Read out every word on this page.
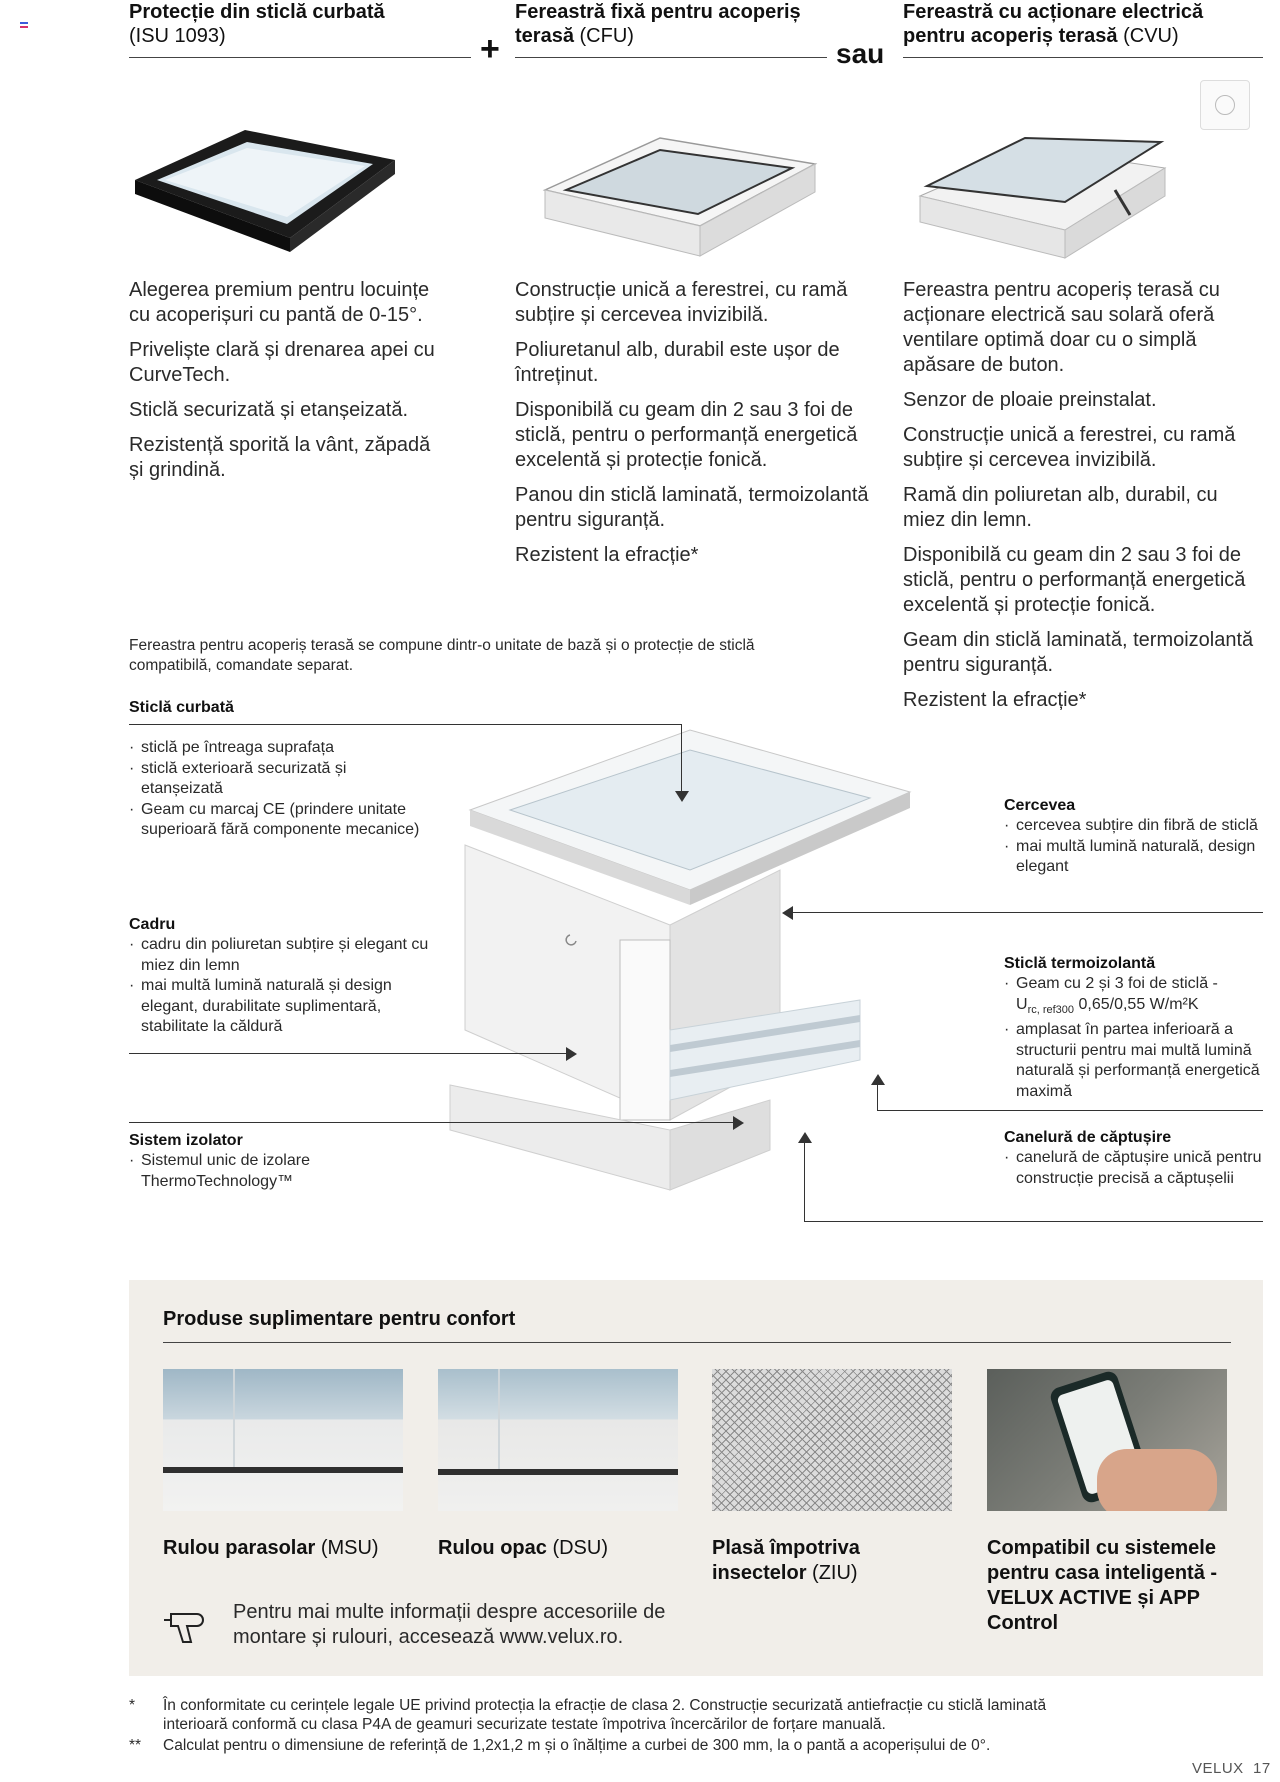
Protecție din sticlă curbată
(ISU 1093)	+
Fereastră fixă pentru acoperiș terasă (CFU)
sau
Fereastră cu acționare electrică pentru acoperiș terasă (CVU)

Alegerea premium pentru locuințe cu acoperișuri cu pantă de 0-15°.

Priveliște clară și drenarea apei cu CurveTech.

Sticlă securizată și etanșeizată.

Rezistență sporită la vânt, zăpadă și grindină.

Construcție unică a ferestrei, cu ramă subțire și cercevea invizibilă.

Poliuretanul alb, durabil este ușor de întreținut.

Disponibilă cu geam din 2 sau 3 foi de sticlă, pentru o performanță energetică excelentă și protecție fonică.

Panou din sticlă laminată, termoizolantă pentru siguranță.

Rezistent la efracție*

Fereastra pentru acoperiș terasă cu acționare electrică sau solară oferă ventilare optimă doar cu o simplă apăsare de buton.

Senzor de ploaie preinstalat.

Construcție unică a ferestrei, cu ramă subțire și cercevea invizibilă.

Ramă din poliuretan alb, durabil, cu miez din lemn.

Disponibilă cu geam din 2 sau 3 foi de sticlă, pentru o performanță energetică excelentă și protecție fonică.

Geam din sticlă laminată, termoizolantă pentru siguranță.

Rezistent la efracție*

Fereastra pentru acoperiș terasă se compune dintr-o unitate de bază și o protecție de sticlă compatibilă, comandate separat.
Sticlă curbată
· sticlă pe întreaga suprafața
· sticlă exterioară securizată și etanșeizată
· Geam cu marcaj CE (prindere unitate superioară fără componente mecanice)
Cadru
· cadru din poliuretan subțire și elegant cu miez din lemn
· mai multă lumină naturală și design elegant, durabilitate suplimentară, stabilitate la căldură
Sistem izolator
· Sistemul unic de izolare ThermoTechnology™
Cercevea
· cercevea subțire din fibră de sticlă
· mai multă lumină naturală, design elegant
Sticlă termoizolantă
· Geam cu 2 și 3 foi de sticlă -
$U_{rc, ref300}$ 0,65/0,55 W/m²K
· amplasat în partea inferioară a structurii pentru mai multă lumină naturală și performanță energetică maximă
Canelură de căptușire
· canelură de căptușire unică pentru construcție precisă a căptușelii
Produse suplimentare pentru confort
Rulou parasolar (MSU)	Rulou opac (DSU)	Plasă împotriva insectelor (ZIU)
Compatibil cu sistemele pentru casa inteligentă - VELUX ACTIVE și APP Control
Pentru mai multe informații despre accesoriile de montare și rulouri, accesează www.velux.ro.
* În conformitate cu cerințele legale UE privind protecția la efracție de clasa 2. Construcție securizată antiefracție cu sticlă laminată interioară conformă cu clasa P4A de geamuri securizate testate împotriva încercărilor de forțare manuală.
** Calculat pentru o dimensiune de referință de 1,2x1,2 m și o înălțime a curbei de 300 mm, la o pantă a acoperișului de 0°.
VELUX 17
